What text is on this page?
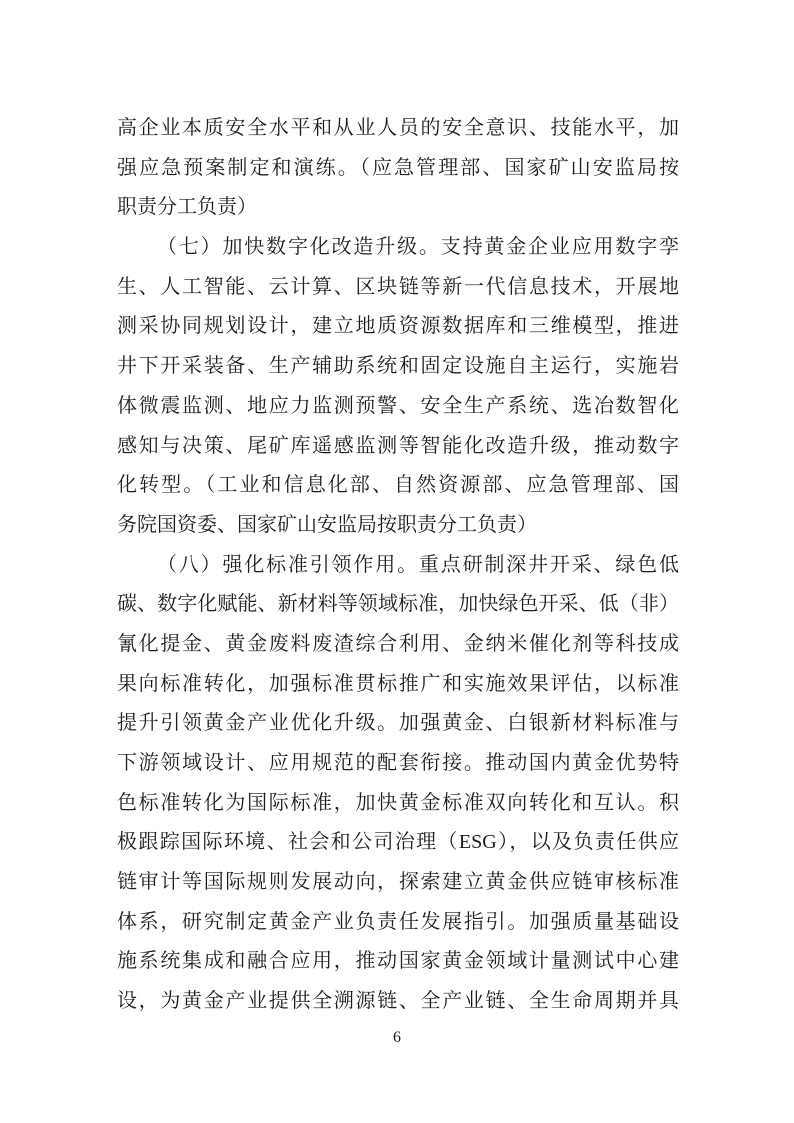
高企业本质安全水平和从业人员的安全意识、技能水平，加
强应急预案制定和演练。（应急管理部、国家矿山安监局按
职责分工负责）
（七）加快数字化改造升级。支持黄金企业应用数字孪
生、人工智能、云计算、区块链等新一代信息技术，开展地
测采协同规划设计，建立地质资源数据库和三维模型，推进
井下开采装备、生产辅助系统和固定设施自主运行，实施岩
体微震监测、地应力监测预警、安全生产系统、选冶数智化
感知与决策、尾矿库遥感监测等智能化改造升级，推动数字
化转型。（工业和信息化部、自然资源部、应急管理部、国
务院国资委、国家矿山安监局按职责分工负责）
（八）强化标准引领作用。重点研制深井开采、绿色低
碳、数字化赋能、新材料等领域标准，加快绿色开采、低（非）
氰化提金、黄金废料废渣综合利用、金纳米催化剂等科技成
果向标准转化，加强标准贯标推广和实施效果评估，以标准
提升引领黄金产业优化升级。加强黄金、白银新材料标准与
下游领域设计、应用规范的配套衔接。推动国内黄金优势特
色标准转化为国际标准，加快黄金标准双向转化和互认。积
极跟踪国际环境、社会和公司治理（ESG），以及负责任供应
链审计等国际规则发展动向，探索建立黄金供应链审核标准
体系，研究制定黄金产业负责任发展指引。加强质量基础设
施系统集成和融合应用，推动国家黄金领域计量测试中心建
设，为黄金产业提供全溯源链、全产业链、全生命周期并具
6
